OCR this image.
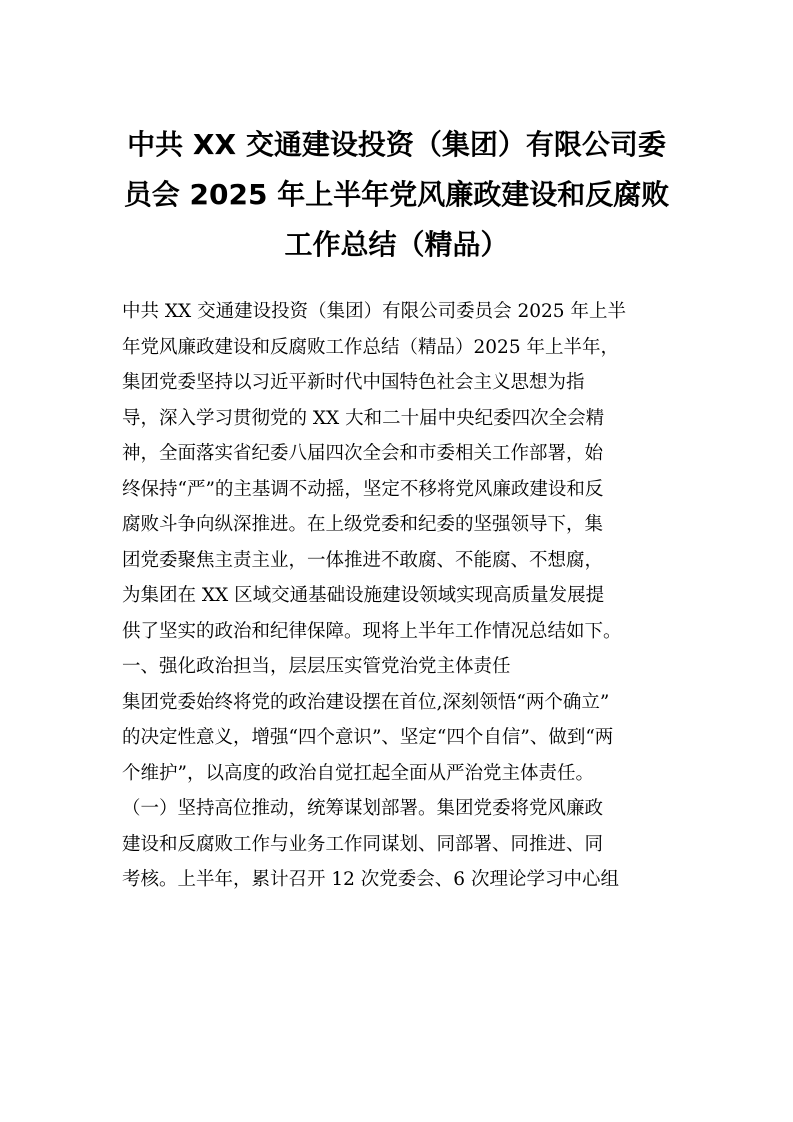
中共 XX 交通建设投资（集团）有限公司委
员会 2025 年上半年党风廉政建设和反腐败
工作总结（精品）

中共 XX 交通建设投资（集团）有限公司委员会 2025 年上半

年党风廉政建设和反腐败工作总结（精品）2025 年上半年，

集团党委坚持以习近平新时代中国特色社会主义思想为指

导，深入学习贯彻党的 XX 大和二十届中央纪委四次全会精

神，全面落实省纪委八届四次全会和市委相关工作部署，始

终保持“严”的主基调不动摇，坚定不移将党风廉政建设和反

腐败斗争向纵深推进。在上级党委和纪委的坚强领导下，集

团党委聚焦主责主业，一体推进不敢腐、不能腐、不想腐，

为集团在 XX 区域交通基础设施建设领域实现高质量发展提

供了坚实的政治和纪律保障。现将上半年工作情况总结如下。

一、强化政治担当，层层压实管党治党主体责任

集团党委始终将党的政治建设摆在首位,深刻领悟“两个确立”

的决定性意义，增强“四个意识”、坚定“四个自信”、做到“两

个维护”，以高度的政治自觉扛起全面从严治党主体责任。

（一）坚持高位推动，统筹谋划部署。集团党委将党风廉政

建设和反腐败工作与业务工作同谋划、同部署、同推进、同

考核。上半年，累计召开 12 次党委会、6 次理论学习中心组
